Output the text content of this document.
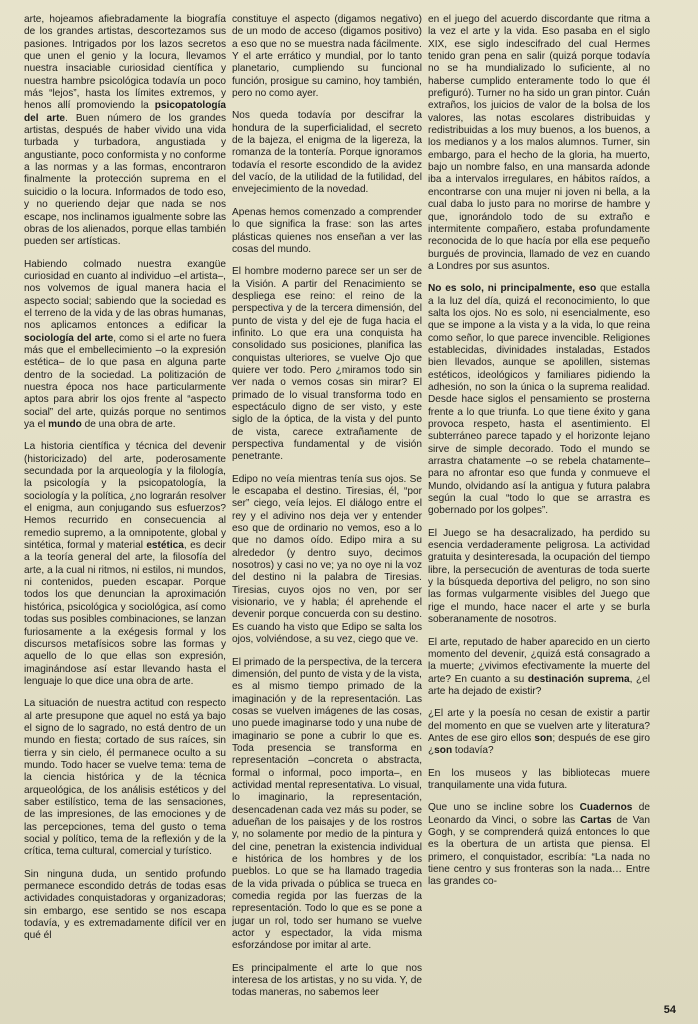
arte, hojeamos afiebradamente la biografía de los grandes artistas, descortezamos sus pasiones. Intrigados por los lazos secretos que unen el genio y la locura, llevamos nuestra insaciable curiosidad científica y nuestra hambre psicológica todavía un poco más “lejos”, hasta los límites extremos, y henos allí promoviendo la psicopatología del arte. Buen número de los grandes artistas, después de haber vivido una vida turbada y turbadora, angustiada y angustiante, poco conformista y no conforme a las normas y a las formas, encontraron finalmente la protección suprema en el suicidio o la locura. Informados de todo eso, y no queriendo dejar que nada se nos escape, nos inclinamos igualmente sobre las obras de los alienados, porque ellas también pueden ser artísticas.

Habiendo colmado nuestra exangüe curiosidad en cuanto al individuo –el artista–, nos volvemos de igual manera hacia el aspecto social; sabiendo que la sociedad es el terreno de la vida y de las obras humanas, nos aplicamos entonces a edificar la sociología del arte, como si el arte no fuera más que el embellecimiento –o la expresión estética– de lo que pasa en alguna parte dentro de la sociedad. La politización de nuestra época nos hace particularmente aptos para abrir los ojos frente al “aspecto social” del arte, quizás porque no sentimos ya el mundo de una obra de arte.

La historia científica y técnica del devenir (historicizado) del arte, poderosamente secundada por la arqueología y la filología, la psicología y la psicopatología, la sociología y la política, ¿no lograrán resolver el enigma, aun conjugando sus esfuerzos? Hemos recurrido en consecuencia al remedio supremo, a la omnipotente, global y sintética, formal y material estética, es decir a la teoría general del arte, la filosofía del arte, a la cual ni ritmos, ni estilos, ni mundos, ni contenidos, pueden escapar. Porque todos los que denuncian la aproximación histórica, psicológica y sociológica, así como todas sus posibles combinaciones, se lanzan furiosamente a la exégesis formal y los discursos metafísicos sobre las formas y aquello de lo que ellas son expresión, imaginándose así estar llevando hasta el lenguaje lo que dice una obra de arte.

La situación de nuestra actitud con respecto al arte presupone que aquel no está ya bajo el signo de lo sagrado, no está dentro de un mundo en fiesta; cortado de sus raíces, sin tierra y sin cielo, él permanece oculto a su mundo. Todo hacer se vuelve tema: tema de la ciencia histórica y de la técnica arqueológica, de los análisis estéticos y del saber estilístico, tema de las sensaciones, de las impresiones, de las emociones y de las percepciones, tema del gusto o tema social y político, tema de la reflexión y de la crítica, tema cultural, comercial y turístico.

Sin ninguna duda, un sentido profundo permanece escondido detrás de todas esas actividades conquistadoras y organizadoras; sin embargo, ese sentido se nos escapa todavía, y es extremadamente difícil ver en qué él

constituye el aspecto (digamos negativo) de un modo de acceso (digamos positivo) a eso que no se muestra nada fácilmente. Y el arte errático y mundial, por lo tanto planetario, cumpliendo su funcional función, prosigue su camino, hoy también, pero no como ayer.

Nos queda todavía por descifrar la hondura de la superficialidad, el secreto de la bajeza, el enigma de la ligereza, la romanza de la tontería. Porque ignoramos todavía el resorte escondido de la avidez del vacío, de la utilidad de la futilidad, del envejecimiento de la novedad.

Apenas hemos comenzado a comprender lo que significa la frase: son las artes plásticas quienes nos enseñan a ver las cosas del mundo.

El hombre moderno parece ser un ser de la Visión. A partir del Renacimiento se despliega ese reino: el reino de la perspectiva y de la tercera dimensión, del punto de vista y del eje de fuga hacia el infinito. Lo que era una conquista ha consolidado sus posiciones, planifica las conquistas ulteriores, se vuelve Ojo que quiere ver todo. Pero ¿miramos todo sin ver nada o vemos cosas sin mirar? El primado de lo visual transforma todo en espectáculo digno de ser visto, y este siglo de la óptica, de la vista y del punto de vista, carece extrañamente de perspectiva fundamental y de visión penetrante.

Edipo no veía mientras tenía sus ojos. Se le escapaba el destino. Tiresias, él, “por ser” ciego, veía lejos. El diálogo entre el rey y el adivino nos deja ver y entender eso que de ordinario no vemos, eso a lo que no damos oído. Edipo mira a su alrededor (y dentro suyo, decimos nosotros) y casi no ve; ya no oye ni la voz del destino ni la palabra de Tiresias. Tiresias, cuyos ojos no ven, por ser visionario, ve y habla; él aprehende el devenir porque concuerda con su destino. Es cuando ha visto que Edipo se salta los ojos, volviéndose, a su vez, ciego que ve.

El primado de la perspectiva, de la tercera dimensión, del punto de vista y de la vista, es al mismo tiempo primado de la imaginación y de la representación. Las cosas se vuelven imágenes de las cosas, uno puede imaginarse todo y una nube de imaginario se pone a cubrir lo que es. Toda presencia se transforma en representación –concreta o abstracta, formal o informal, poco importa–, en actividad mental representativa. Lo visual, lo imaginario, la representación, desencadenan cada vez más su poder, se adueñan de los paisajes y de los rostros y, no solamente por medio de la pintura y del cine, penetran la existencia individual e histórica de los hombres y de los pueblos. Lo que se ha llamado tragedia de la vida privada o pública se trueca en comedia regida por las fuerzas de la representación. Todo lo que es se pone a jugar un rol, todo ser humano se vuelve actor y espectador, la vida misma esforzándose por imitar al arte.

Es principalmente el arte lo que nos interesa de los artistas, y no su vida. Y, de todas maneras, no sabemos leer

en el juego del acuerdo discordante que ritma a la vez el arte y la vida. Eso pasaba en el siglo XIX, ese siglo indescifrado del cual Hermes tenido gran pena en salir (quizá porque todavía no se ha mundializado lo suficiente, al no haberse cumplido enteramente todo lo que él prefiguró). Turner no ha sido un gran pintor. Cuán extraños, los juicios de valor de la bolsa de los valores, las notas escolares distribuidas y redistribuidas a los muy buenos, a los buenos, a los medianos y a los malos alumnos. Turner, sin embargo, para el hecho de la gloria, ha muerto, bajo un nombre falso, en una mansarda adonde iba a intervalos irregulares, en hábitos raídos, a encontrarse con una mujer ni joven ni bella, a la cual daba lo justo para no morirse de hambre y que, ignorándolo todo de su extraño e intermitente compañero, estaba profundamente reconocida de lo que hacía por ella ese pequeño burgués de provincia, llamado de vez en cuando a Londres por sus asuntos.

No es solo, ni principalmente, eso que estalla a la luz del día, quizá el reconocimiento, lo que salta los ojos. No es solo, ni esencialmente, eso que se impone a la vista y a la vida, lo que reina como señor, lo que parece invencible. Religiones establecidas, divinidades instaladas, Estados bien llevados, aunque se apolillen, sistemas estéticos, ideológicos y familiares pidiendo la adhesión, no son la única o la suprema realidad. Desde hace siglos el pensamiento se prosterna frente a lo que triunfa. Lo que tiene éxito y gana provoca respeto, hasta el asentimiento. El subterráneo parece tapado y el horizonte lejano sirve de simple decorado. Todo el mundo se arrastra chatamente –o se rebela chatamente– para no afrontar eso que funda y conmueve el Mundo, olvidando así la antigua y futura palabra según la cual “todo lo que se arrastra es gobernado por los golpes”.

El Juego se ha desacralizado, ha perdido su esencia verdaderamente peligrosa. La actividad gratuita y desinteresada, la ocupación del tiempo libre, la persecución de aventuras de toda suerte y la búsqueda deportiva del peligro, no son sino las formas vulgarmente visibles del Juego que rige el mundo, hace nacer el arte y se burla soberanamente de nosotros.

El arte, reputado de haber aparecido en un cierto momento del devenir, ¿quizá está consagrado a la muerte; ¿vivimos efectivamente la muerte del arte? En cuanto a su destinación suprema, ¿el arte ha dejado de existir?

¿El arte y la poesía no cesan de existir a partir del momento en que se vuelven arte y literatura? Antes de ese giro ellos son; después de ese giro ¿son todavía?

En los museos y las bibliotecas muere tranquilamente una vida futura.

Que uno se incline sobre los Cuadernos de Leonardo da Vinci, o sobre las Cartas de Van Gogh, y se comprenderá quizá entonces lo que es la obertura de un artista que piensa. El primero, el conquistador, escribía: “La nada no tiene centro y sus fronteras son la nada… Entre las grandes co-

54
